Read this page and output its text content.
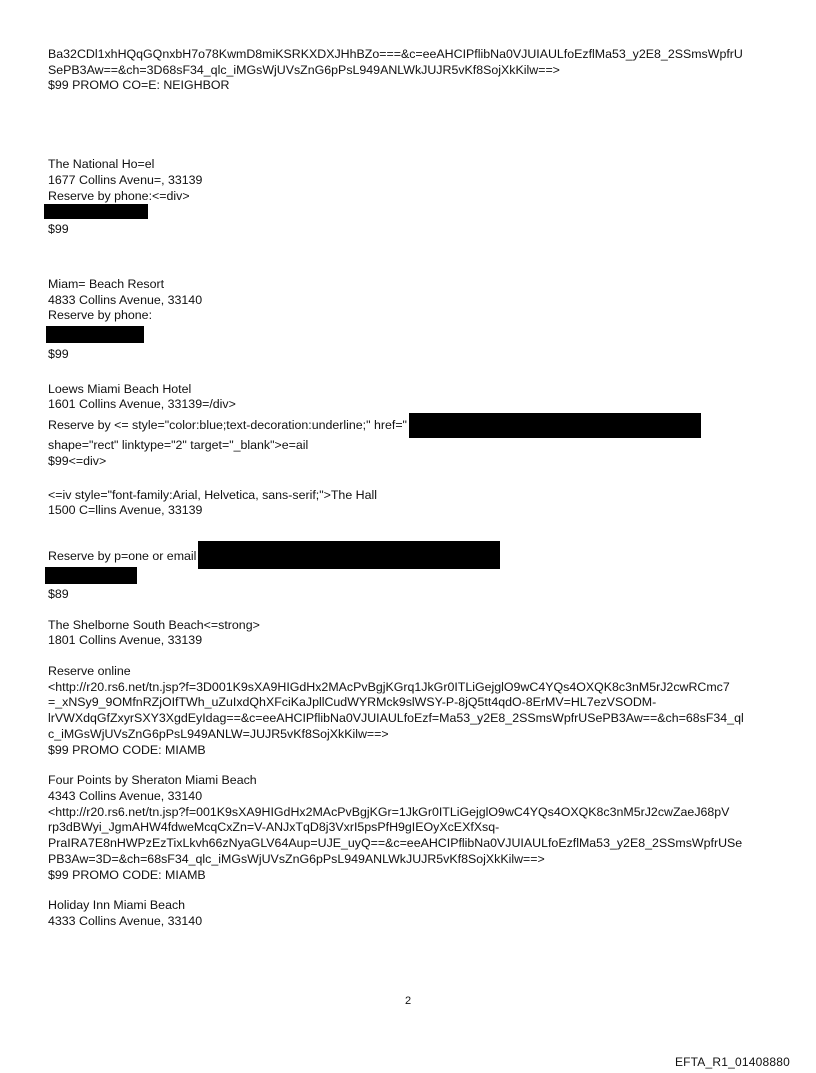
Ba32CDl1xhHQqGQnxbH7o78KwmD8miKSRKXDXJHhBZo===&c=eeAHCIPflibNa0VJUIAULfoEzflMa53_y2E8_2SSmsWpfrU
SePB3Aw==&ch=3D68sF34_qlc_iMGsWjUVsZnG6pPsL949ANLWkJUJR5vKf8SojXkKilw==>
$99 PROMO CO=E: NEIGHBOR
The National Ho=el
1677 Collins Avenu=, 33139
Reserve by phone:<=div>
$99
Miam= Beach Resort
4833 Collins Avenue, 33140
Reserve by phone:
$99
Loews Miami Beach Hotel
1601 Collins Avenue, 33139=/div>
Reserve by <= style="color:blue;text-decoration:underline;" href="
shape="rect" linktype="2" target="_blank">e=ail
$99<=div>
<=iv style="font-family:Arial, Helvetica, sans-serif;">The Hall
1500 C=llins Avenue, 33139
Reserve by p=one or email
$89
The Shelborne South Beach<=strong>
1801 Collins Avenue, 33139
Reserve online
<http://r20.rs6.net/tn.jsp?f=3D001K9sXA9HIGdHx2MAcPvBgjKGrq1JkGr0ITLiGejglO9wC4YQs4OXQK8c3nM5rJ2cwRCmc7
=_xNSy9_9OMfnRZjOIfTWh_uZuIxdQhXFciKaJpllCudWYRMck9slWSY-P-8jQ5tt4qdO-8ErMV=HL7ezVSODM-
lrVWXdqGfZxyrSXY3XgdEyIdag==&c=eeAHCIPflibNa0VJUIAULfoEzf=Ma53_y2E8_2SSmsWpfrUSePB3Aw==&ch=68sF34_ql
c_iMGsWjUVsZnG6pPsL949ANLW=JUJR5vKf8SojXkKilw==>
$99 PROMO CODE: MIAMB
Four Points by Sheraton Miami Beach
4343 Collins Avenue, 33140
<http://r20.rs6.net/tn.jsp?f=001K9sXA9HIGdHx2MAcPvBgjKGr=1JkGr0ITLiGejglO9wC4YQs4OXQK8c3nM5rJ2cwZaeJ68pV
rp3dBWyi_JgmAHW4fdweMcqCxZn=V-ANJxTqD8j3VxrI5psPfH9gIEOyXcEXfXsq-
PraIRA7E8nHWPzEzTixLkvh66zNyaGLV64Aup=UJE_uyQ==&c=eeAHCIPflibNa0VJUIAULfoEzflMa53_y2E8_2SSmsWpfrUSe
PB3Aw=3D=&ch=68sF34_qlc_iMGsWjUVsZnG6pPsL949ANLWkJUJR5vKf8SojXkKilw==>
$99 PROMO CODE: MIAMB
Holiday Inn Miami Beach
4333 Collins Avenue, 33140
2
EFTA_R1_01408880
